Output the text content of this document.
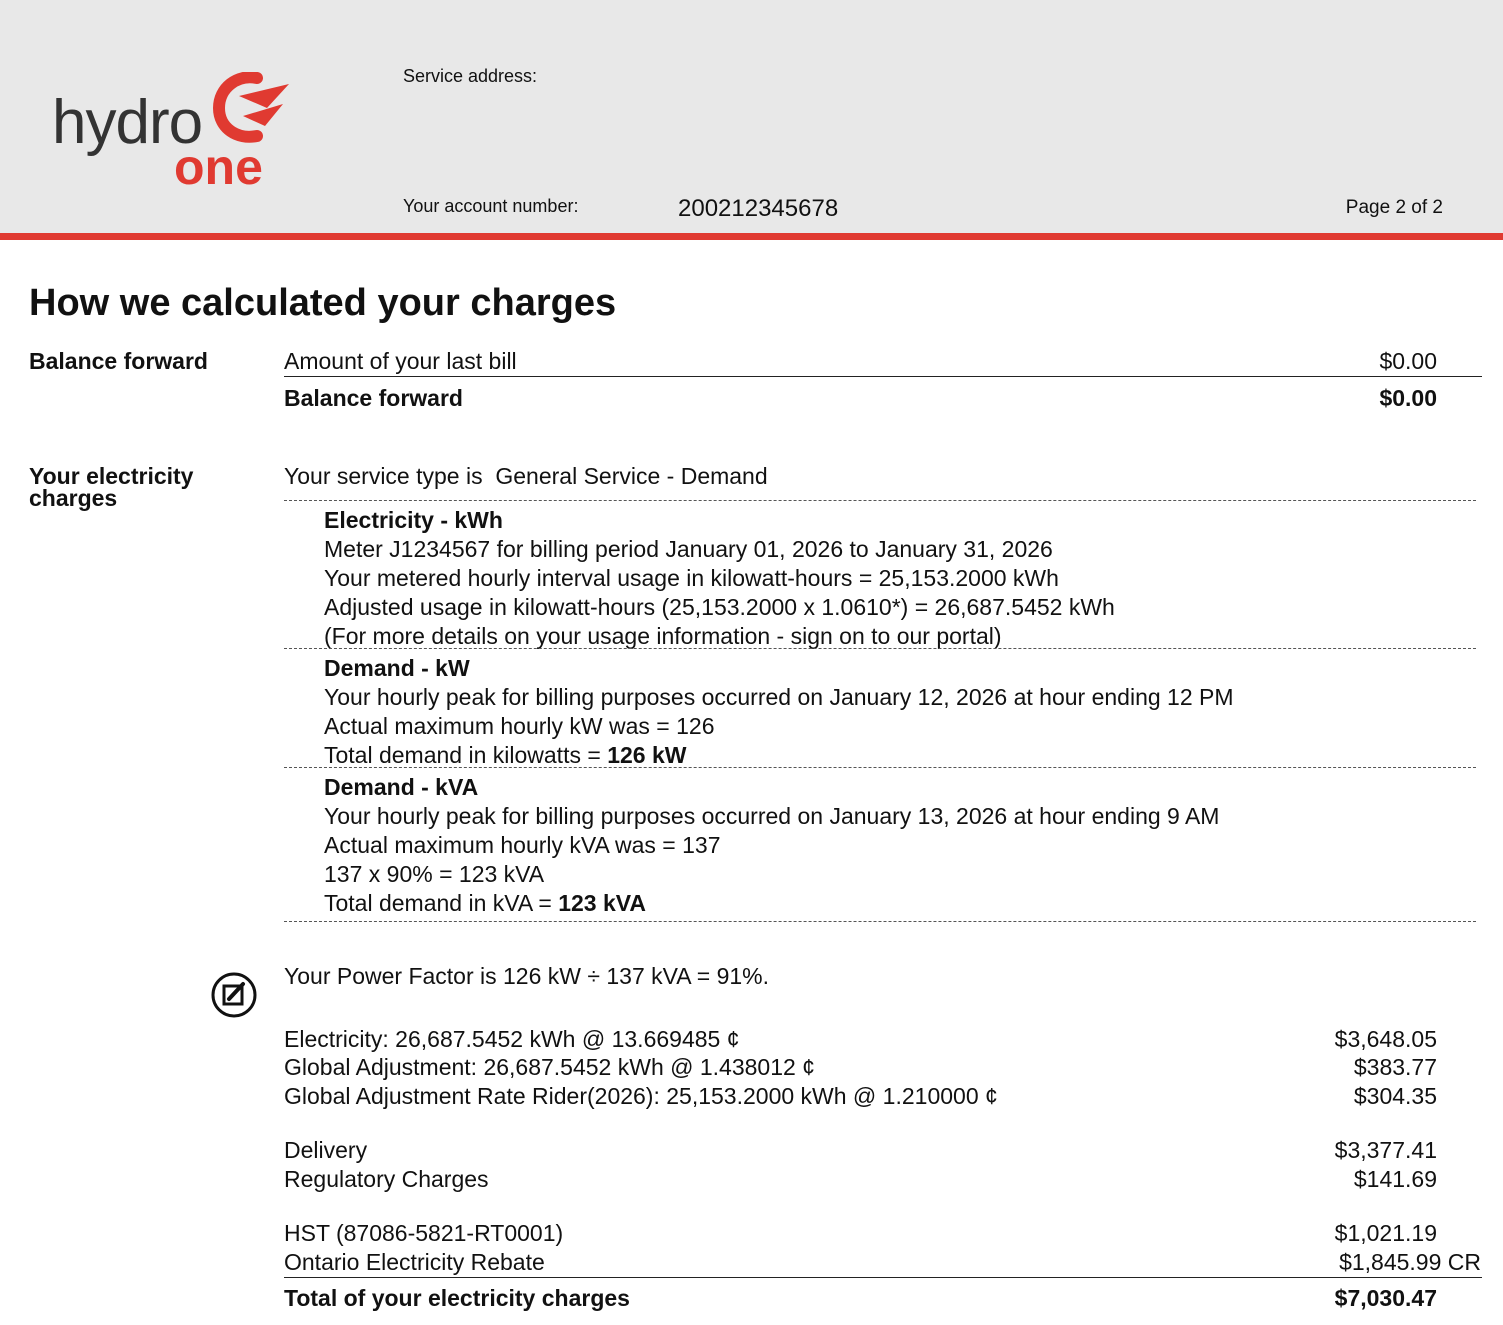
hydro
one
Service address:
Your account number:	200212345678	Page 2 of 2
How we calculated your charges
Balance forward	Amount of your last bill	$0.00
Balance forward	$0.00
Your electricity charges
Your service type is General Service - Demand
Electricity - kWh
Meter J1234567 for billing period January 01, 2026 to January 31, 2026
Your metered hourly interval usage in kilowatt-hours = 25,153.2000 kWh
Adjusted usage in kilowatt-hours (25,153.2000 x 1.0610*) = 26,687.5452 kWh
(For more details on your usage information - sign on to our portal)
Demand - kW
Your hourly peak for billing purposes occurred on January 12, 2026 at hour ending 12 PM
Actual maximum hourly kW was = 126
Total demand in kilowatts = 126 kW
Demand - kVA
Your hourly peak for billing purposes occurred on January 13, 2026 at hour ending 9 AM
Actual maximum hourly kVA was = 137
137 x 90% = 123 kVA
Total demand in kVA = 123 kVA
Your Power Factor is 126 kW ÷ 137 kVA = 91%.
Electricity: 26,687.5452 kWh @ 13.669485 ¢	$3,648.05
Global Adjustment: 26,687.5452 kWh @ 1.438012 ¢	$383.77
Global Adjustment Rate Rider(2026): 25,153.2000 kWh @ 1.210000 ¢	$304.35
Delivery	$3,377.41
Regulatory Charges	$141.69
HST (87086-5821-RT0001)	$1,021.19
Ontario Electricity Rebate	$1,845.99 CR
Total of your electricity charges	$7,030.47
